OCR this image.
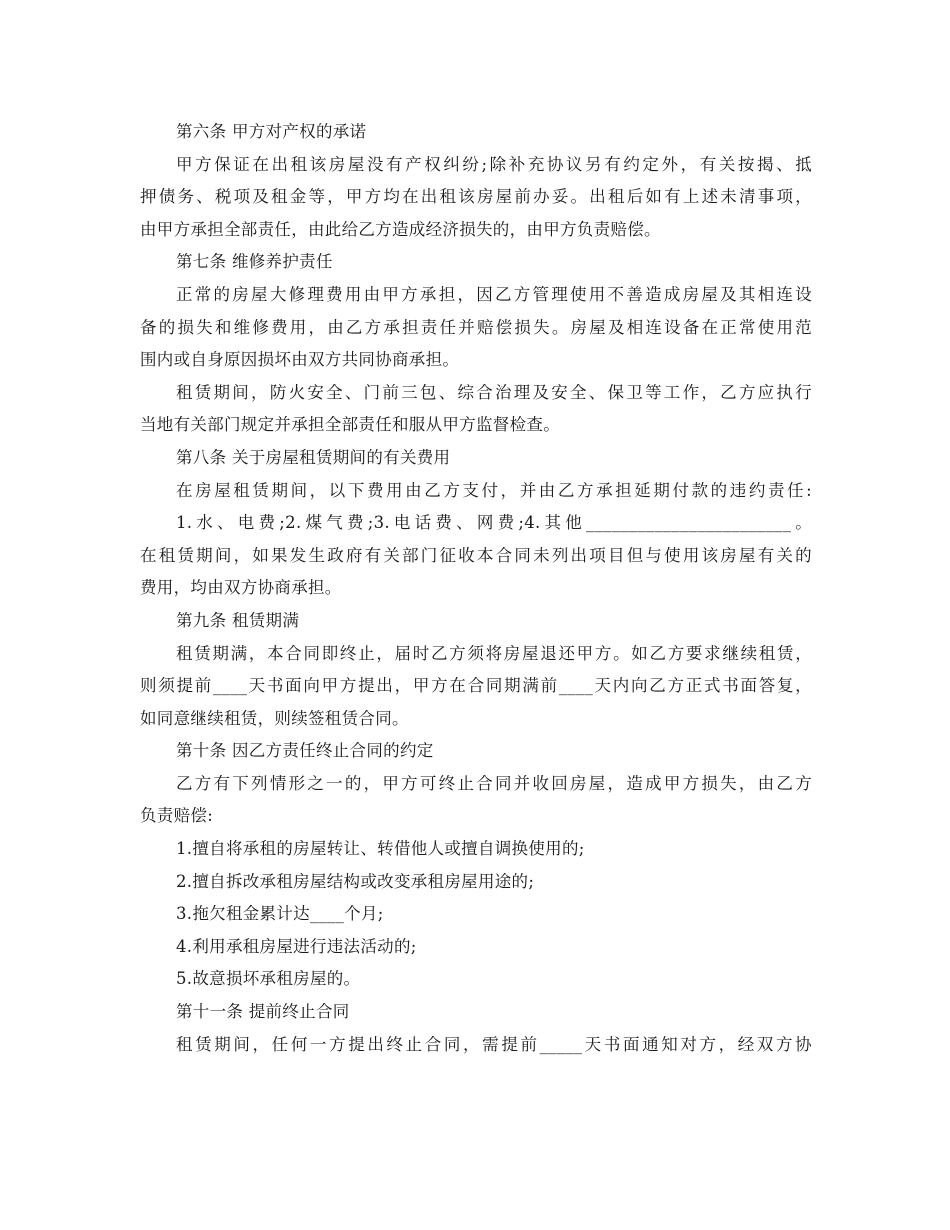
第六条 甲方对产权的承诺
甲方保证在出租该房屋没有产权纠纷;除补充协议另有约定外，有关按揭、抵
押债务、税项及租金等，甲方均在出租该房屋前办妥。出租后如有上述未清事项，
由甲方承担全部责任，由此给乙方造成经济损失的，由甲方负责赔偿。
第七条 维修养护责任
正常的房屋大修理费用由甲方承担，因乙方管理使用不善造成房屋及其相连设
备的损失和维修费用，由乙方承担责任并赔偿损失。房屋及相连设备在正常使用范
围内或自身原因损坏由双方共同协商承担。
租赁期间，防火安全、门前三包、综合治理及安全、保卫等工作，乙方应执行
当地有关部门规定并承担全部责任和服从甲方监督检查。
第八条 关于房屋租赁期间的有关费用
在房屋租赁期间，以下费用由乙方支付，并由乙方承担延期付款的违约责任:
1.水、电费;2.煤气费;3.电话费、网费;4.其他________________________。
在租赁期间，如果发生政府有关部门征收本合同未列出项目但与使用该房屋有关的
费用，均由双方协商承担。
第九条 租赁期满
租赁期满，本合同即终止，届时乙方须将房屋退还甲方。如乙方要求继续租赁，
则须提前____天书面向甲方提出，甲方在合同期满前____天内向乙方正式书面答复，
如同意继续租赁，则续签租赁合同。
第十条 因乙方责任终止合同的约定
乙方有下列情形之一的，甲方可终止合同并收回房屋，造成甲方损失，由乙方
负责赔偿:
1.擅自将承租的房屋转让、转借他人或擅自调换使用的;
2.擅自拆改承租房屋结构或改变承租房屋用途的;
3.拖欠租金累计达____个月;
4.利用承租房屋进行违法活动的;
5.故意损坏承租房屋的。
第十一条 提前终止合同
租赁期间，任何一方提出终止合同，需提前_____天书面通知对方，经双方协
